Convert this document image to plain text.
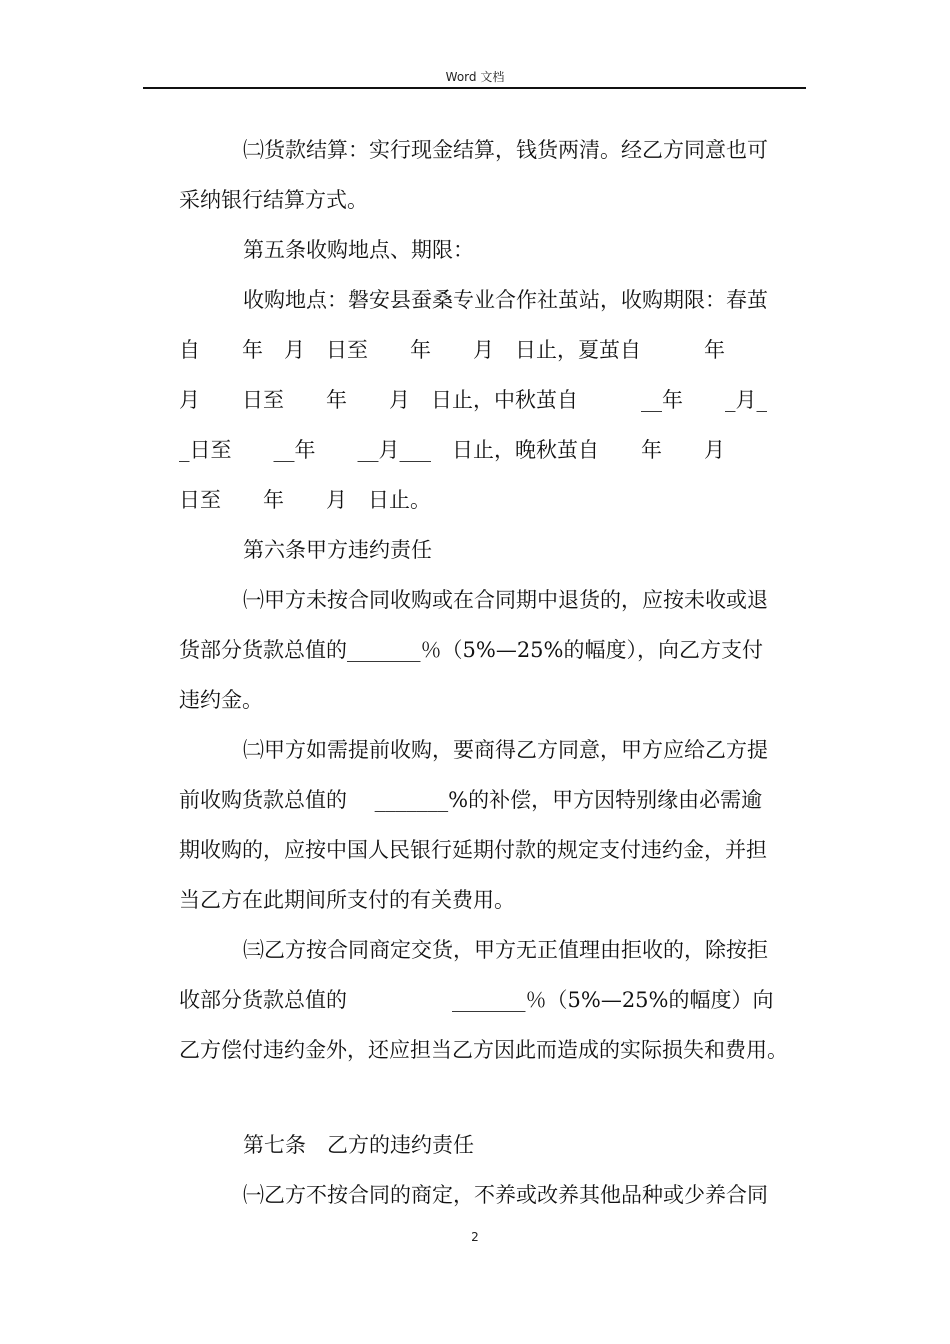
Word 文档
㈡货款结算：实行现金结算，钱货两清。经乙方同意也可
采纳银行结算方式。
第五条收购地点、期限：
收购地点：磐安县蚕桑专业合作社茧站，收购期限：春茧
自　　年　月　日至　　年　　月　日止，夏茧自　　　年
月　　日至　　年　　月　日止，中秋茧自　　　__年　　_月_
_日至　　__年　　__月___　日止，晚秋茧自　　年　　月
日至　　年　　月　日止。
第六条甲方违约责任
㈠甲方未按合同收购或在合同期中退货的，应按未收或退
货部分货款总值的_______％（5%—25%的幅度），向乙方支付
违约金。
㈡甲方如需提前收购，要商得乙方同意，甲方应给乙方提
前收购货款总值的　 _______%的补偿，甲方因特别缘由必需逾
期收购的，应按中国人民银行延期付款的规定支付违约金，并担
当乙方在此期间所支付的有关费用。
㈢乙方按合同商定交货，甲方无正值理由拒收的，除按拒
收部分货款总值的　　　　　_______％（5%—25%的幅度）向
乙方偿付违约金外，还应担当乙方因此而造成的实际损失和费用。
第七条　乙方的违约责任
㈠乙方不按合同的商定，不养或改养其他品种或少养合同
2
